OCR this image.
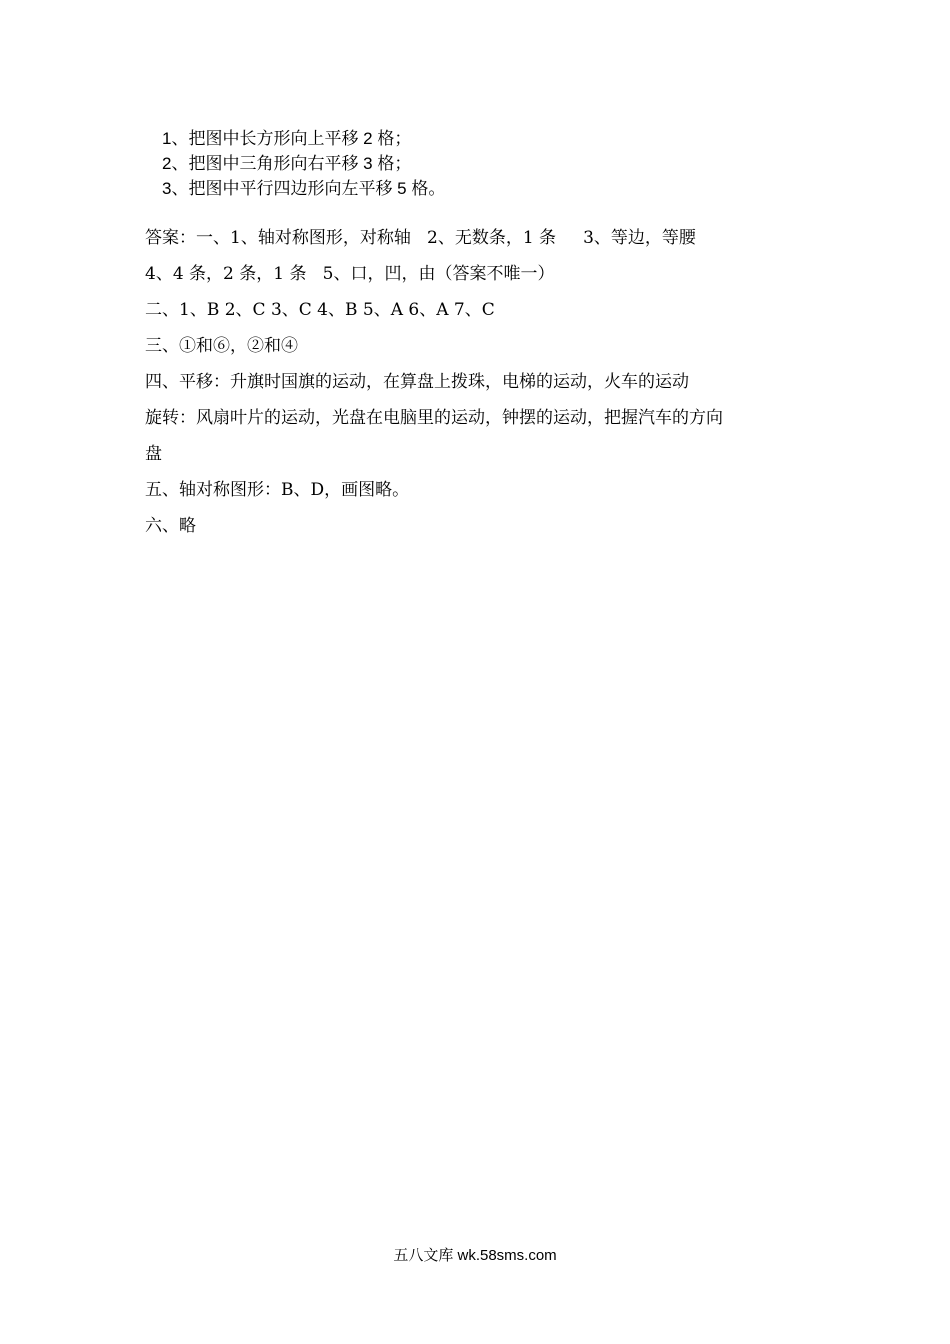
1、把图中长方形向上平移 2 格；
2、把图中三角形向右平移 3 格；
3、把图中平行四边形向左平移 5 格。
答案：一、1、轴对称图形，对称轴   2、无数条，1 条     3、等边，等腰
4、4 条，2 条，1 条   5、口，凹，由（答案不唯一）
二、1、B 2、C 3、C 4、B 5、A 6、A 7、C
三、①和⑥，②和④
四、平移：升旗时国旗的运动，在算盘上拨珠，电梯的运动，火车的运动
旋转：风扇叶片的运动，光盘在电脑里的运动，钟摆的运动，把握汽车的方向
盘
五、轴对称图形：B、D，画图略。
六、略
五八文库 wk.58sms.com
